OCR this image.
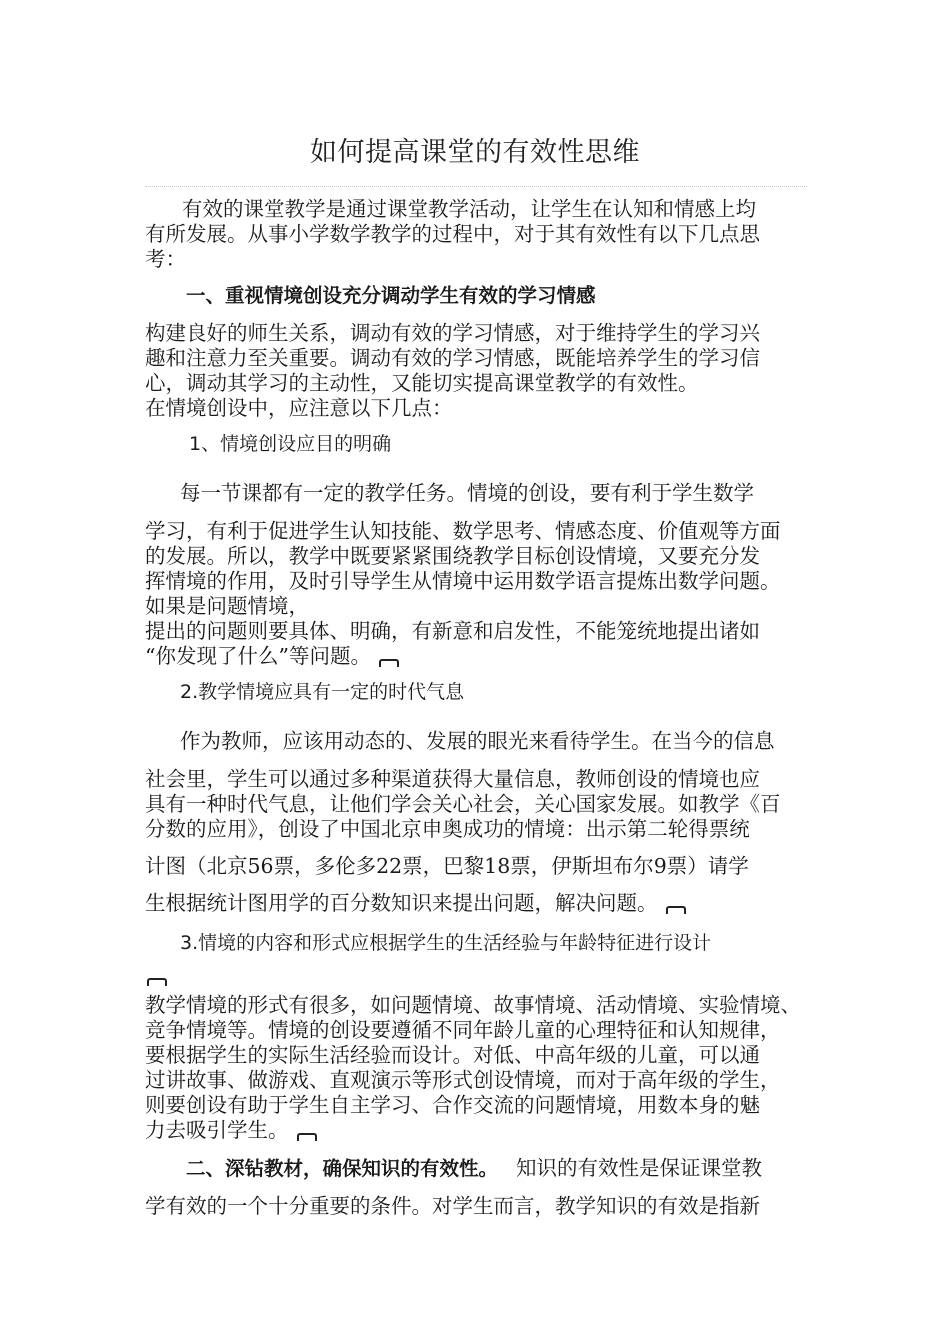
如何提高课堂的有效性思维
有效的课堂教学是通过课堂教学活动，让学生在认知和情感上均
有所发展。从事小学数学教学的过程中，对于其有效性有以下几点思
考：
一、重视情境创设充分调动学生有效的学习情感
构建良好的师生关系，调动有效的学习情感，对于维持学生的学习兴
趣和注意力至关重要。调动有效的学习情感，既能培养学生的学习信
心，调动其学习的主动性，又能切实提高课堂教学的有效性。
在情境创设中，应注意以下几点：
1、情境创设应目的明确
每一节课都有一定的教学任务。情境的创设，要有利于学生数学
学习，有利于促进学生认知技能、数学思考、情感态度、价值观等方面
的发展。所以，教学中既要紧紧围绕教学目标创设情境，又要充分发
挥情境的作用，及时引导学生从情境中运用数学语言提炼出数学问题。
如果是问题情境，
提出的问题则要具体、明确，有新意和启发性，不能笼统地提出诸如
“你发现了什么”等问题。
2.教学情境应具有一定的时代气息
作为教师，应该用动态的、发展的眼光来看待学生。在当今的信息
社会里，学生可以通过多种渠道获得大量信息，教师创设的情境也应
具有一种时代气息，让他们学会关心社会，关心国家发展。如教学《百
分数的应用》，创设了中国北京申奥成功的情境：出示第二轮得票统
计图（北京56票，多伦多22票，巴黎18票，伊斯坦布尔9票）请学
生根据统计图用学的百分数知识来提出问题，解决问题。
3.情境的内容和形式应根据学生的生活经验与年龄特征进行设计
教学情境的形式有很多，如问题情境、故事情境、活动情境、实验情境、
竞争情境等。情境的创设要遵循不同年龄儿童的心理特征和认知规律，
要根据学生的实际生活经验而设计。对低、中高年级的儿童，可以通
过讲故事、做游戏、直观演示等形式创设情境，而对于高年级的学生，
则要创设有助于学生自主学习、合作交流的问题情境，用数本身的魅
力去吸引学生。
二、深钻教材，确保知识的有效性。 知识的有效性是保证课堂教
学有效的一个十分重要的条件。对学生而言，教学知识的有效是指新
